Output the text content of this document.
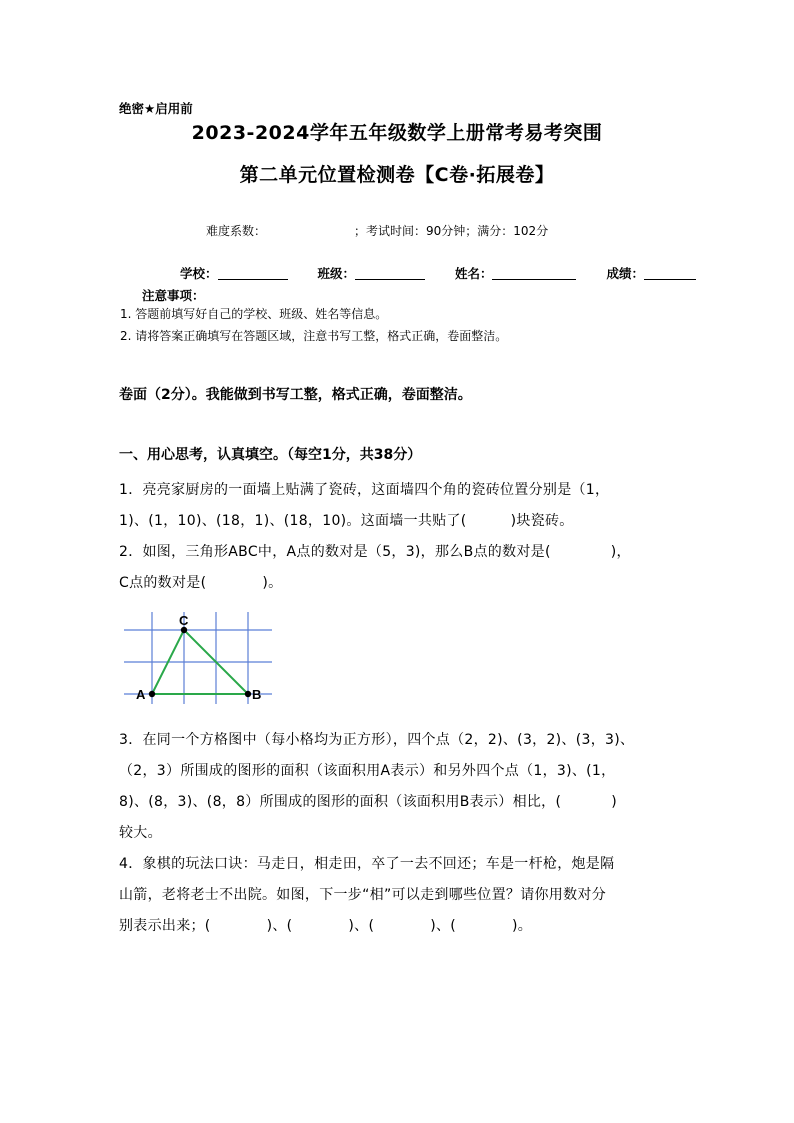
绝密★启用前
2023-2024学年五年级数学上册常考易考突围
第二单元位置检测卷【C卷·拓展卷】
难度系数：	；考试时间：90分钟；满分：102分
学校：	班级：	姓名：	成绩：
注意事项：
1. 答题前填写好自己的学校、班级、姓名等信息。
2. 请将答案正确填写在答题区域，注意书写工整，格式正确，卷面整洁。
卷面（2分）。我能做到书写工整，格式正确，卷面整洁。
一、用心思考，认真填空。（每空1分，共38分）
1．亮亮家厨房的一面墙上贴满了瓷砖，这面墙四个角的瓷砖位置分别是（1，
1)、(1，10)、(18，1)、(18，10)。这面墙一共贴了(	)块瓷砖。
2．如图，三角形ABC中，A点的数对是（5，3)，那么B点的数对是(	)，
C点的数对是(	)。
A	B
C
3．在同一个方格图中（每小格均为正方形），四个点（2，2)、(3，2)、(3，3)、
（2，3）所围成的图形的面积（该面积用A表示）和另外四个点（1，3)、(1，
8)、(8，3)、(8，8）所围成的图形的面积（该面积用B表示）相比，(	)
较大。
4．象棋的玩法口诀：马走日，相走田，卒了一去不回还；车是一杆枪，炮是隔
山箭，老将老士不出院。如图，下一步“相”可以走到哪些位置？请你用数对分
别表示出来；(	)、(	)、(	)、(	)。
